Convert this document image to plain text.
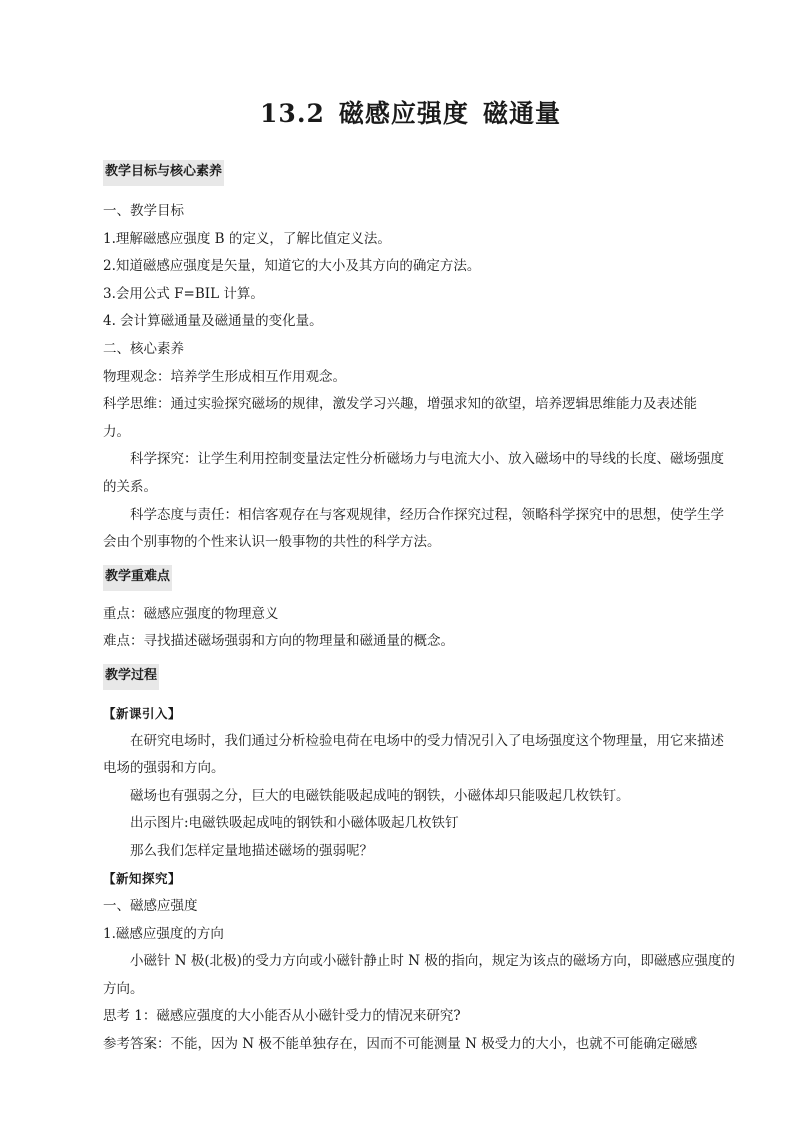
13.2 磁感应强度 磁通量
教学目标与核心素养

一、教学目标

1.理解磁感应强度 B 的定义，了解比值定义法。

2.知道磁感应强度是矢量，知道它的大小及其方向的确定方法。

3.会用公式 F=BIL 计算。

4. 会计算磁通量及磁通量的变化量。

二、核心素养

物理观念：培养学生形成相互作用观念。

科学思维：通过实验探究磁场的规律，激发学习兴趣，增强求知的欲望，培养逻辑思维能力及表述能

力。

科学探究：让学生利用控制变量法定性分析磁场力与电流大小、放入磁场中的导线的长度、磁场强度

的关系。

科学态度与责任：相信客观存在与客观规律，经历合作探究过程，领略科学探究中的思想，使学生学

会由个别事物的个性来认识一般事物的共性的科学方法。

教学重难点

重点：磁感应强度的物理意义

难点：寻找描述磁场强弱和方向的物理量和磁通量的概念。

教学过程

【新课引入】

在研究电场时，我们通过分析检验电荷在电场中的受力情况引入了电场强度这个物理量，用它来描述

电场的强弱和方向。

磁场也有强弱之分，巨大的电磁铁能吸起成吨的钢铁，小磁体却只能吸起几枚铁钉。

出示图片:电磁铁吸起成吨的钢铁和小磁体吸起几枚铁钉

那么我们怎样定量地描述磁场的强弱呢？

【新知探究】

一、磁感应强度

1.磁感应强度的方向

小磁针 N 极(北极)的受力方向或小磁针静止时 N 极的指向，规定为该点的磁场方向，即磁感应强度的

方向。

思考 1：磁感应强度的大小能否从小磁针受力的情况来研究?

参考答案：不能，因为 N 极不能单独存在，因而不可能测量 N 极受力的大小，也就不可能确定磁感
